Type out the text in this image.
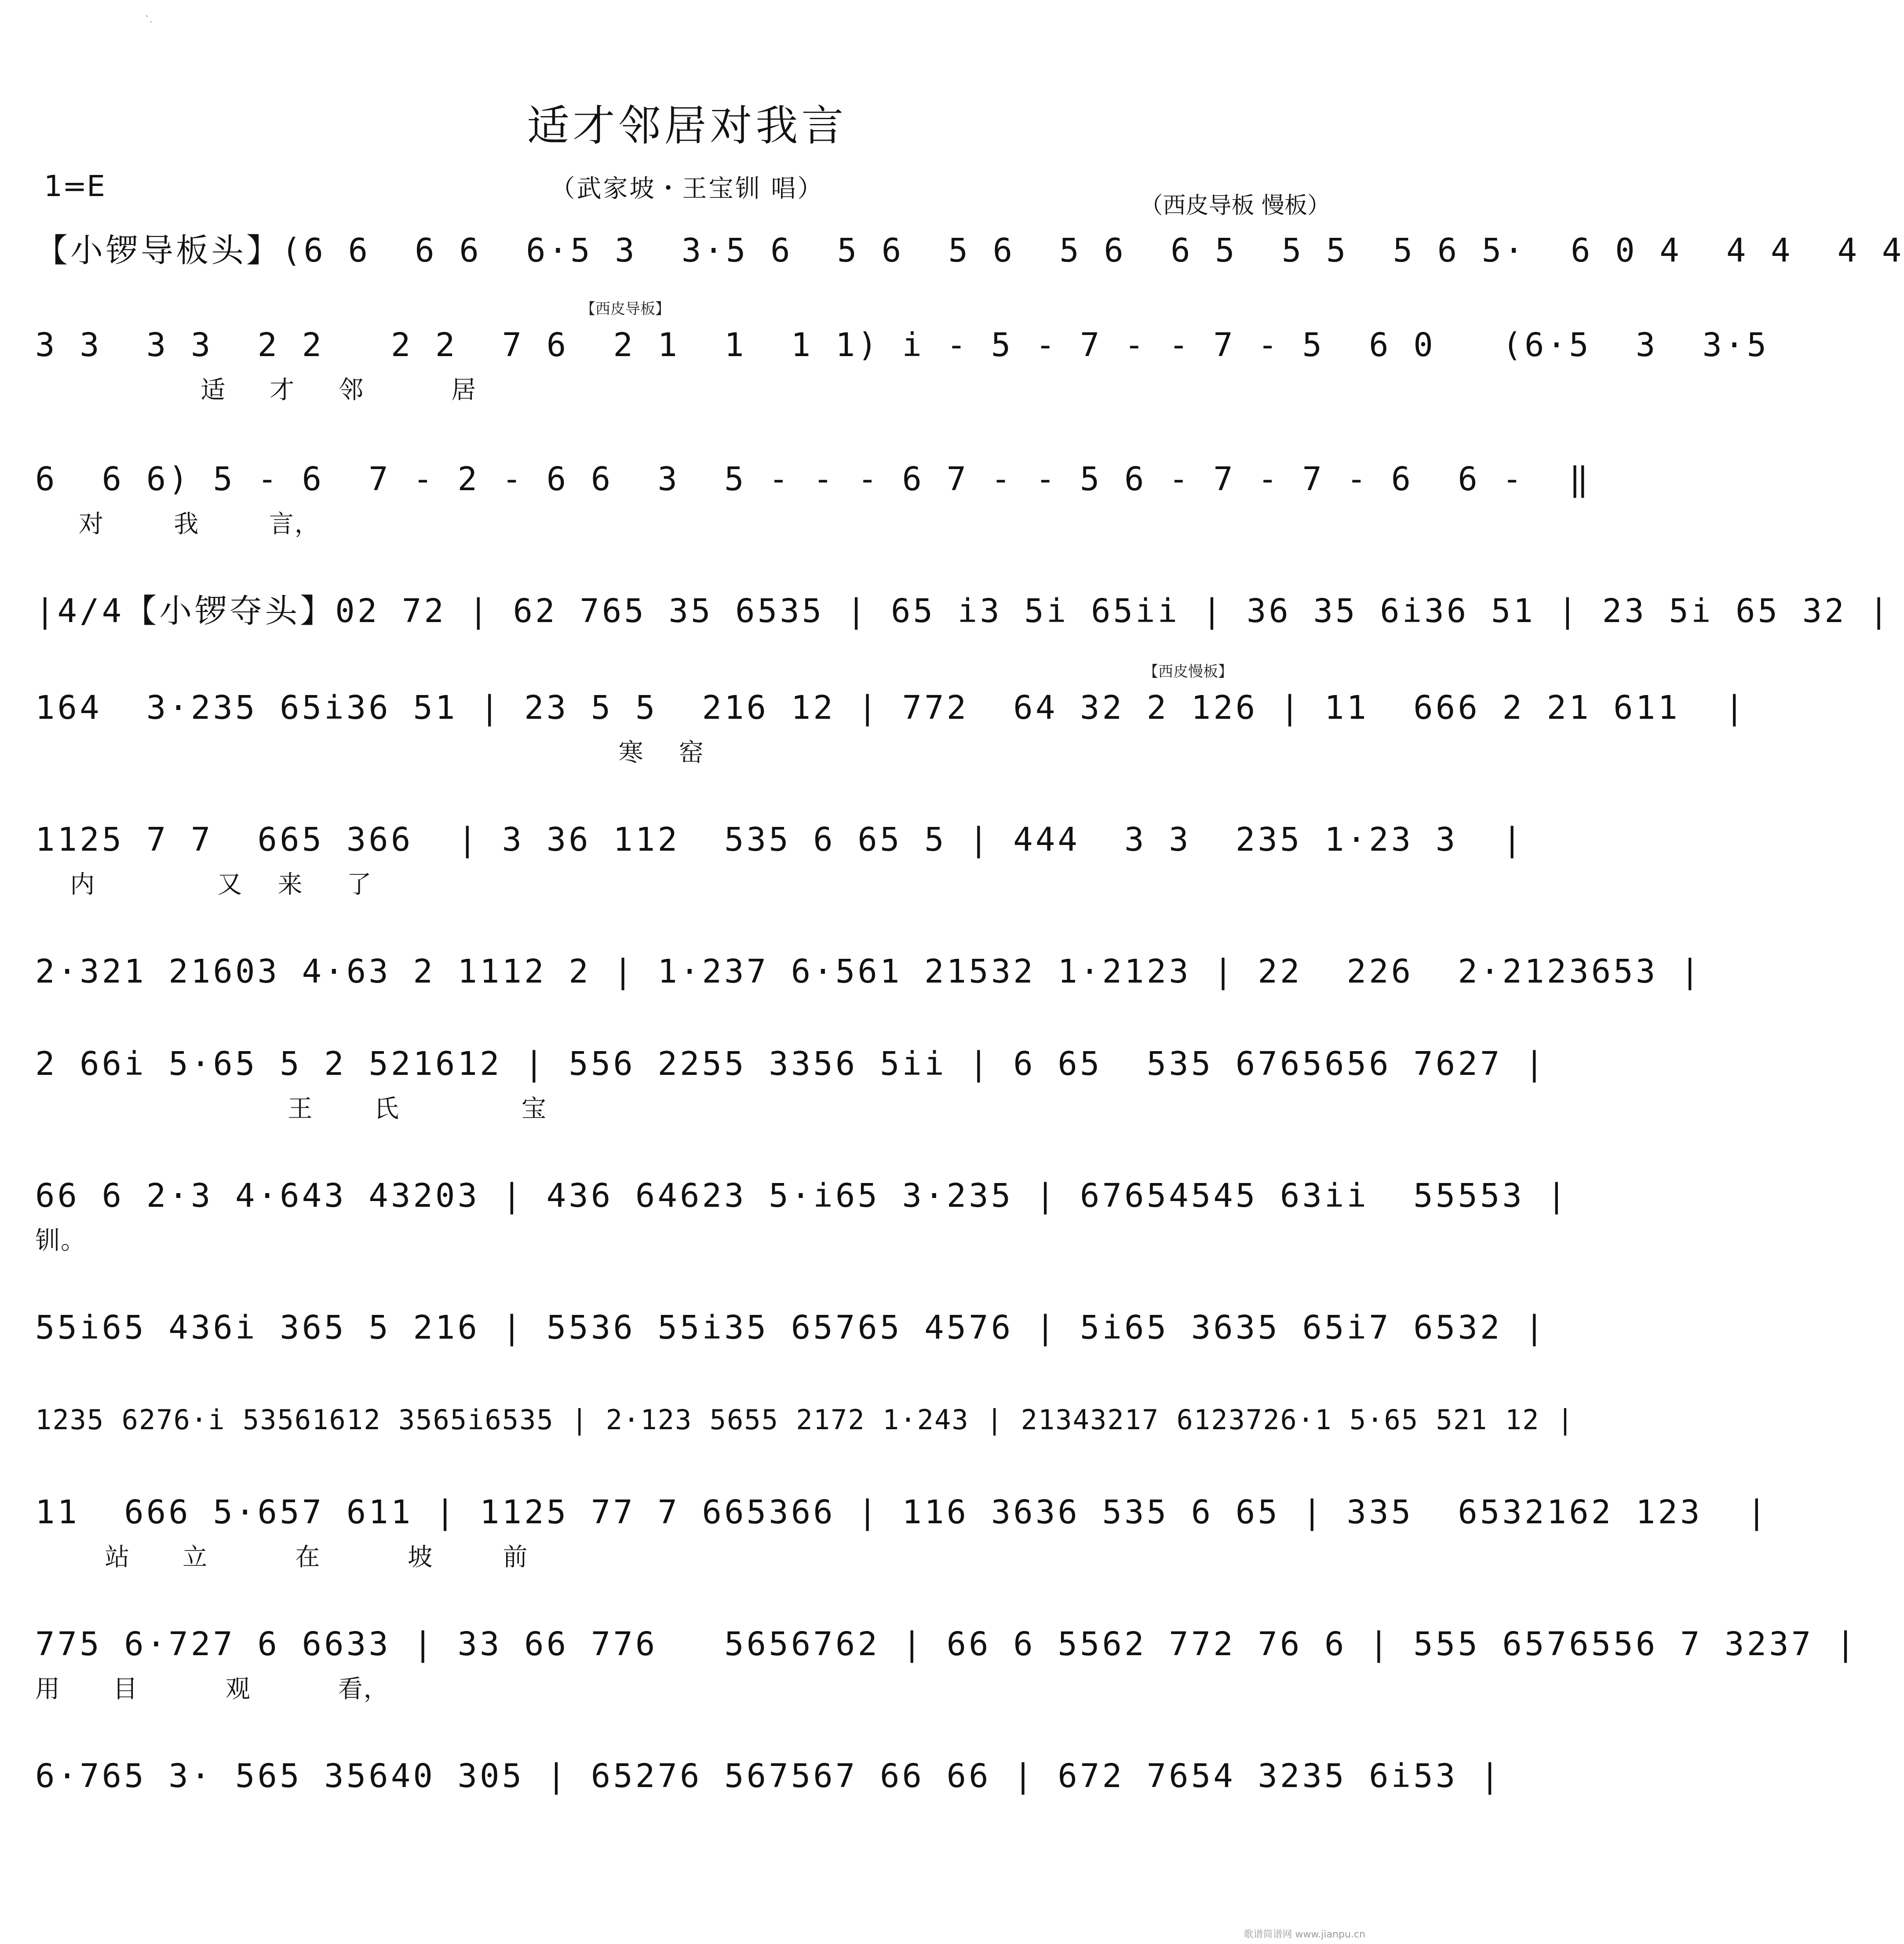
`.
适才邻居对我言
1=E	（武家坡・王宝钏 唱）
（西皮导板 慢板）
【小锣导板头】(6 6  6 6  6·5 3  3·5 6  5 6  5 6  5 6  6 5  5 5  5 6 5·  6 0 4  4 4  4 4
【西皮导板】
3 3  3 3  2 2   2 2  7 6  2 1  1  1 1) i - 5 - 7 - - 7 - 5  6 0   (6·5  3  3·5
适     才     邻          居
6  6 6) 5 - 6  7 - 2 - 6 6  3  5 - - - 6 7 - - 5 6 - 7 - 7 - 6  6 -  ‖
对        我        言，
|4/4【小锣夺头】02 72 | 62 765 35 6535 | 65 i3 5i 65ii | 36 35 6i36 51 | 23 5i 65 32 |
【西皮慢板】
164  3·235 65i36 51 | 23 5 5  216 12 | 772  64 32 2 126 | 11  666 2 21 611  |
寒    窑
1125 7 7  665 366  | 3 36 112  535 6 65 5 | 444  3 3  235 1·23 3  |
内              又    来     了
2·321 21603 4·63 2 1112 2 | 1·237 6·561 21532 1·2123 | 22  226  2·2123653 |
2 66i 5·65 5 2 521612 | 556 2255 3356 5ii | 6 65  535 6765656 7627 |
王       氏              宝
66 6 2·3 4·643 43203 | 436 64623 5·i65 3·235 | 67654545 63ii  55553 |
钏。
55i65 436i 365 5 216 | 5536 55i35 65765 4576 | 5i65 3635 65i7 6532 |
1235 6276·i 53561612 3565i6535 | 2·123 5655 2172 1·243 | 21343217 6123726·1 5·65 521 12 |
11  666 5·657 611 | 1125 77 7 665366 | 116 3636 535 6 65 | 335  6532162 123  |
站      立          在          坡        前
775 6·727 6 6633 | 33 66 776   5656762 | 66 6 5562 772 76 6 | 555 6576556 7 3237 |
用      目          观          看，
6·765 3· 565 35640 305 | 65276 567567 66 66 | 672 7654 3235 6i53 |
歌谱简谱网 www.jianpu.cn
